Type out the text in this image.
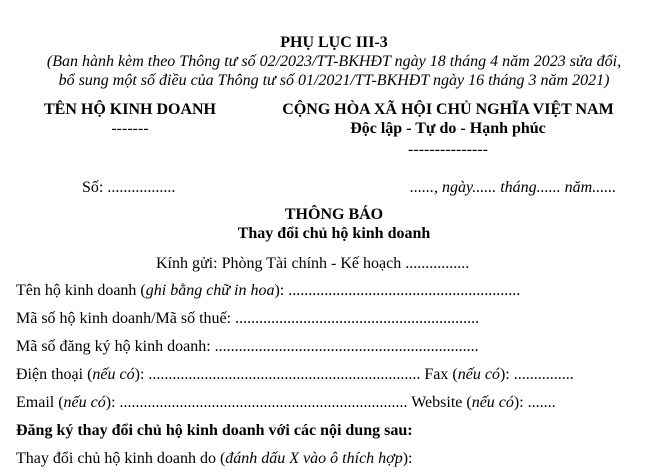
PHỤ LỤC III-3
(Ban hành kèm theo Thông tư số 02/2023/TT-BKHĐT ngày 18 tháng 4 năm 2023 sửa đổi,
bổ sung một số điều của Thông tư số 01/2021/TT-BKHĐT ngày 16 tháng 3 năm 2021)
TÊN HỘ KINH DOANH
-------
Số: .................
CỘNG HÒA XÃ HỘI CHỦ NGHĨA VIỆT NAM
Độc lập - Tự do - Hạnh phúc
---------------
......, ngày...... tháng...... năm......
THÔNG BÁO
Thay đổi chủ hộ kinh doanh
Kính gửi: Phòng Tài chính - Kế hoạch ................
Tên hộ kinh doanh (ghi bằng chữ in hoa): ..........................................................
Mã số hộ kinh doanh/Mã số thuế: .............................................................
Mã số đăng ký hộ kinh doanh: ..................................................................
Điện thoại (nếu có): .................................................................... Fax (nếu có): ...............
Email (nếu có): ........................................................................ Website (nếu có): .......
Đăng ký thay đổi chủ hộ kinh doanh với các nội dung sau:
Thay đổi chủ hộ kinh doanh do (đánh dấu X vào ô thích hợp):
